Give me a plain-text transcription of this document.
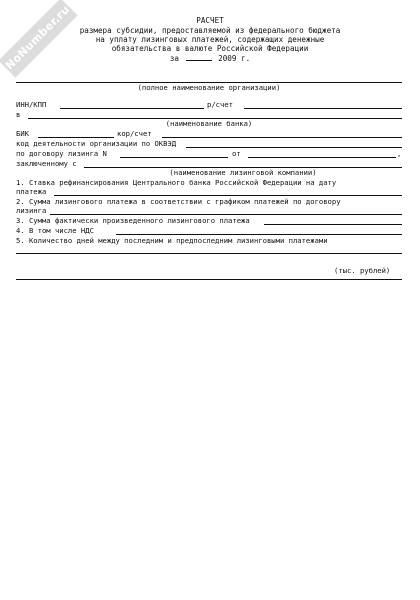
NoNumber.ru	РАСЧЕТ
размера субсидии, предоставляемой из федерального бюджета
на уплату лизинговых платежей, содержащих денежные
обязательства в валюте Российской Федерации
за	2009 г.
(полное наименование организации)
ИНН/КПП	р/счет
в
(наименование банка)
БИК	кор/счет
код деятельности организации по ОКВЭД
по договору лизинга N	от	,
заключенному с
(наименование лизинговой компании)
1. Ставка рефинансирования Центрального банка Российской Федерации на дату
платежа
2. Сумма лизингового платежа в соответствии с графиком платежей по договору
лизинга
3. Сумма фактически произведенного лизингового платежа
4. В том числе НДС
5. Количество дней между последним и предпоследним лизинговыми платежами
(тыс. рублей)
